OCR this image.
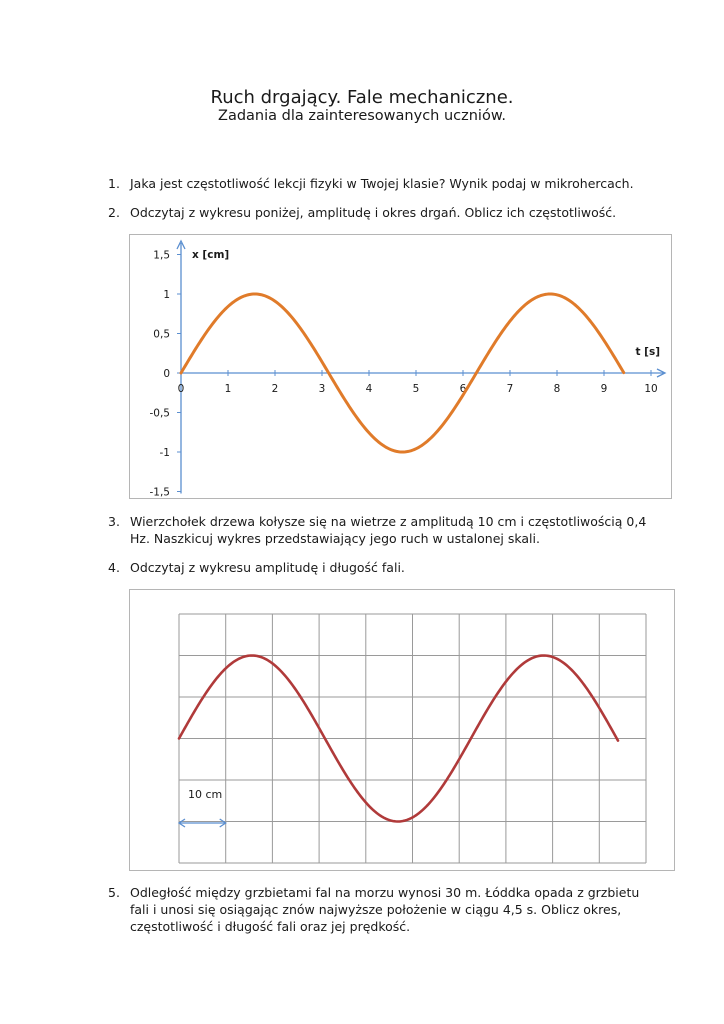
Ruch drgający. Fale mechaniczne.
Zadania dla zainteresowanych uczniów.
1. Jaka jest częstotliwość lekcji fizyki w Twojej klasie? Wynik podaj w mikrohercach.
2. Odczytaj z wykresu poniżej, amplitudę i okres drgań. Oblicz ich częstotliwość.
x [cm]
t [s]
0	1	2	3	4	5	6	7	8	9	10
1,5
1
0,5
0
-0,5
-1
-1,5
3. Wierzchołek drzewa kołysze się na wietrze z amplitudą 10 cm i częstotliwością 0,4 Hz. Naszkicuj wykres przedstawiający jego ruch w ustalonej skali.
4. Odczytaj z wykresu amplitudę i długość fali.
10 cm
5. Odległość między grzbietami fal na morzu wynosi 30 m. Łóddka opada z grzbietu fali i unosi się osiągając znów najwyższe położenie w ciągu 4,5 s. Oblicz okres, częstotliwość i długość fali oraz jej prędkość.
